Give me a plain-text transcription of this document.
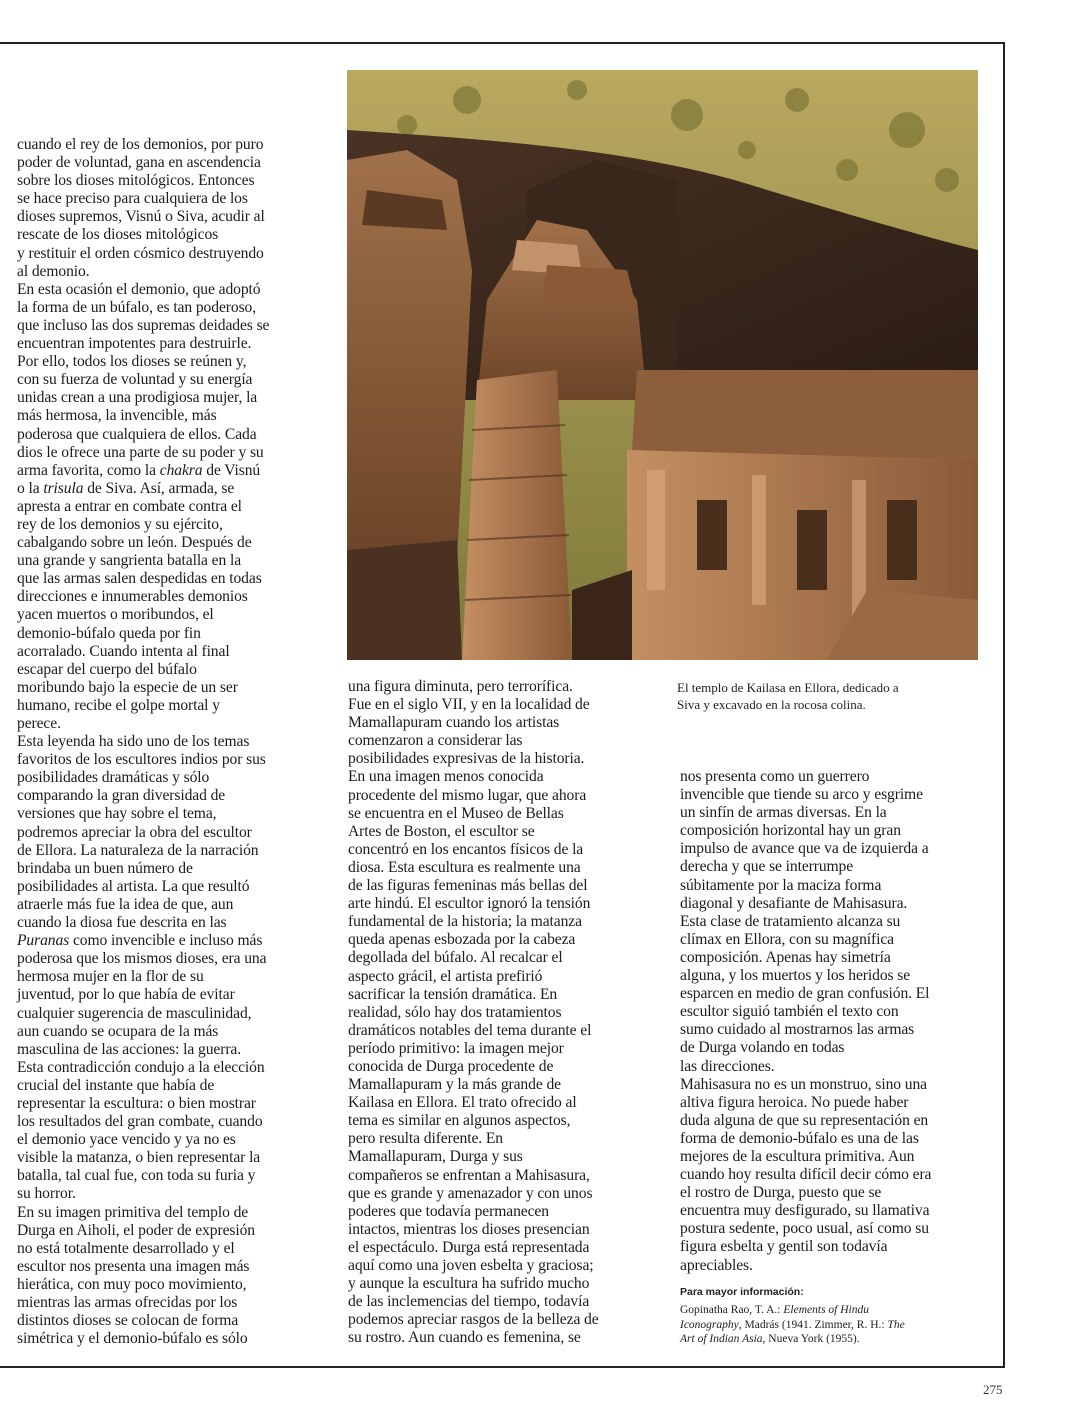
cuando el rey de los demonios, por puro
poder de voluntad, gana en ascendencia
sobre los dioses mitológicos. Entonces
se hace preciso para cualquiera de los
dioses supremos, Visnú o Siva, acudir al
rescate de los dioses mitológicos
y restituir el orden cósmico destruyendo
al demonio.
En esta ocasión el demonio, que adoptó
la forma de un búfalo, es tan poderoso,
que incluso las dos supremas deidades se
encuentran impotentes para destruirle.
Por ello, todos los dioses se reúnen y,
con su fuerza de voluntad y su energía
unidas crean a una prodigiosa mujer, la
más hermosa, la invencible, más
poderosa que cualquiera de ellos. Cada
dios le ofrece una parte de su poder y su
arma favorita, como la chakra de Visnú
o la trisula de Siva. Así, armada, se
apresta a entrar en combate contra el
rey de los demonios y su ejército,
cabalgando sobre un león. Después de
una grande y sangrienta batalla en la
que las armas salen despedidas en todas
direcciones e innumerables demonios
yacen muertos o moribundos, el
demonio-búfalo queda por fin
acorralado. Cuando intenta al final
escapar del cuerpo del búfalo
moribundo bajo la especie de un ser
humano, recibe el golpe mortal y
perece.
Esta leyenda ha sido uno de los temas
favoritos de los escultores indios por sus
posibilidades dramáticas y sólo
comparando la gran diversidad de
versiones que hay sobre el tema,
podremos apreciar la obra del escultor
de Ellora. La naturaleza de la narración
brindaba un buen número de
posibilidades al artista. La que resultó
atraerle más fue la idea de que, aun
cuando la diosa fue descrita en las
Puranas como invencible e incluso más
poderosa que los mismos dioses, era una
hermosa mujer en la flor de su
juventud, por lo que había de evitar
cualquier sugerencia de masculinidad,
aun cuando se ocupara de la más
masculina de las acciones: la guerra.
Esta contradicción condujo a la elección
crucial del instante que había de
representar la escultura: o bien mostrar
los resultados del gran combate, cuando
el demonio yace vencido y ya no es
visible la matanza, o bien representar la
batalla, tal cual fue, con toda su furia y
su horror.
En su imagen primitiva del templo de
Durga en Aiholi, el poder de expresión
no está totalmente desarrollado y el
escultor nos presenta una imagen más
hierática, con muy poco movimiento,
mientras las armas ofrecidas por los
distintos dioses se colocan de forma
simétrica y el demonio-búfalo es sólo
una figura diminuta, pero terrorífica.
Fue en el siglo VII, y en la localidad de
Mamallapuram cuando los artistas
comenzaron a considerar las
posibilidades expresivas de la historia.
En una imagen menos conocida
procedente del mismo lugar, que ahora
se encuentra en el Museo de Bellas
Artes de Boston, el escultor se
concentró en los encantos físicos de la
diosa. Esta escultura es realmente una
de las figuras femeninas más bellas del
arte hindú. El escultor ignoró la tensión
fundamental de la historia; la matanza
queda apenas esbozada por la cabeza
degollada del búfalo. Al recalcar el
aspecto grácil, el artista prefirió
sacrificar la tensión dramática. En
realidad, sólo hay dos tratamientos
dramáticos notables del tema durante el
período primitivo: la imagen mejor
conocida de Durga procedente de
Mamallapuram y la más grande de
Kailasa en Ellora. El trato ofrecido al
tema es similar en algunos aspectos,
pero resulta diferente. En
Mamallapuram, Durga y sus
compañeros se enfrentan a Mahisasura,
que es grande y amenazador y con unos
poderes que todavía permanecen
intactos, mientras los dioses presencian
el espectáculo. Durga está representada
aquí como una joven esbelta y graciosa;
y aunque la escultura ha sufrido mucho
de las inclemencias del tiempo, todavía
podemos apreciar rasgos de la belleza de
su rostro. Aun cuando es femenina, se
nos presenta como un guerrero
invencible que tiende su arco y esgrime
un sinfín de armas diversas. En la
composición horizontal hay un gran
impulso de avance que va de izquierda a
derecha y que se interrumpe
súbitamente por la maciza forma
diagonal y desafiante de Mahisasura.
Esta clase de tratamiento alcanza su
clímax en Ellora, con su magnífica
composición. Apenas hay simetría
alguna, y los muertos y los heridos se
esparcen en medio de gran confusión. El
escultor siguió también el texto con
sumo cuidado al mostrarnos las armas
de Durga volando en todas
las direcciones.
Mahisasura no es un monstruo, sino una
altiva figura heroica. No puede haber
duda alguna de que su representación en
forma de demonio-búfalo es una de las
mejores de la escultura primitiva. Aun
cuando hoy resulta difícil decir cómo era
el rostro de Durga, puesto que se
encuentra muy desfigurado, su llamativa
postura sedente, poco usual, así como su
figura esbelta y gentil son todavía
apreciables.
El templo de Kailasa en Ellora, dedicado a
Siva y excavado en la rocosa colina.
Para mayor información:
Gopinatha Rao, T. A.: Elements of Hindu
Iconography, Madrás (1941. Zimmer, R. H.: The
Art of Indian Asia, Nueva York (1955).
275
